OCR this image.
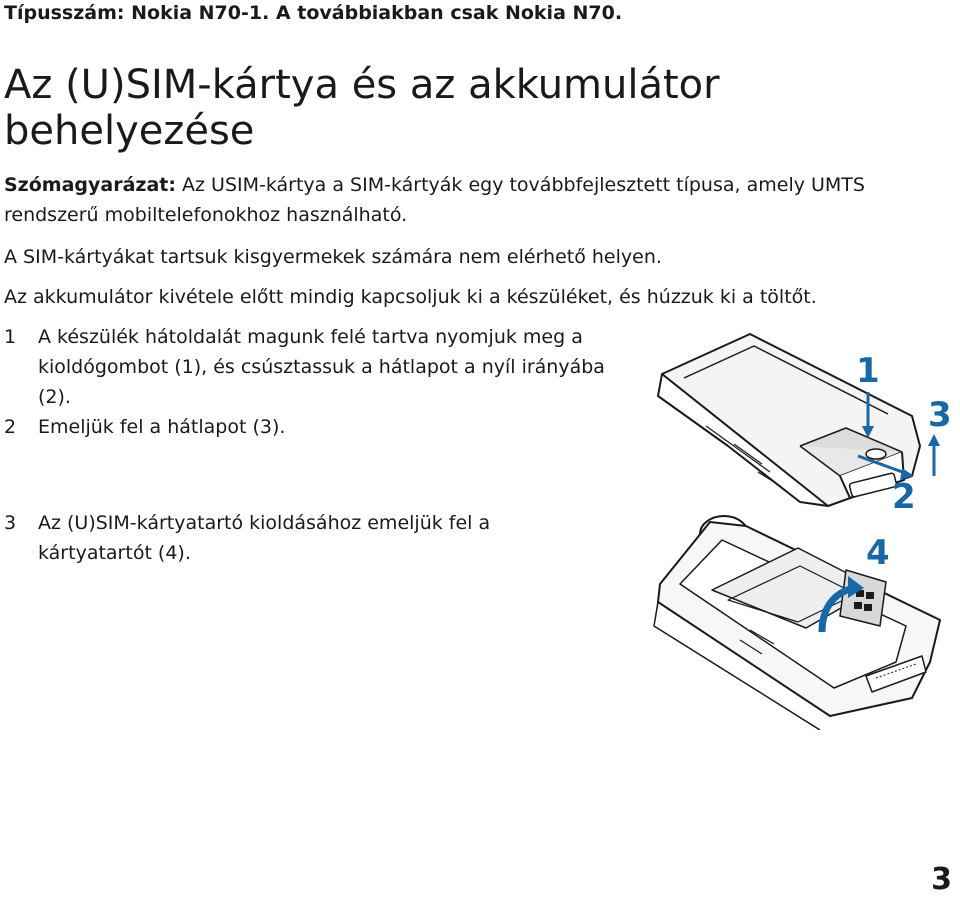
Típusszám: Nokia N70-1. A továbbiakban csak Nokia N70.
Az (U)SIM-kártya és az akkumulátor behelyezése
Szómagyarázat: Az USIM-kártya a SIM-kártyák egy továbbfejlesztett típusa, amely UMTS rendszerű mobiltelefonokhoz használható.
A SIM-kártyákat tartsuk kisgyermekek számára nem elérhető helyen.
Az akkumulátor kivétele előtt mindig kapcsoljuk ki a készüléket, és húzzuk ki a töltőt.
1	A készülék hátoldalát magunk felé tartva nyomjuk meg a kioldógombot (1), és csúsztassuk a hátlapot a nyíl irányába (2).
2	Emeljük fel a hátlapot (3).
3	Az (U)SIM-kártyatartó kioldásához emeljük fel a kártyatartót (4).
1
2
3
4
3
